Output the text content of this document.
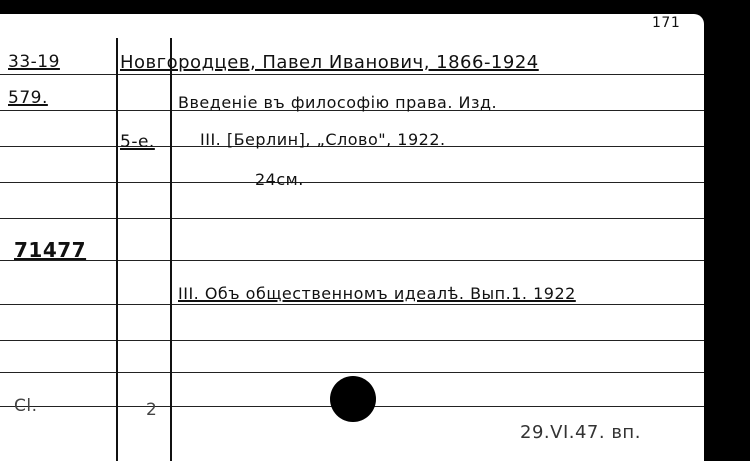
171
33-19
579.
Новгородцев, Павел Иванович, 1866-1924
Введеніе въ философію права. Изд.
5-е.	III. [Берлин], „Слово", 1922.
24см.
71477
III. Объ общественномъ идеалѣ. Вып.1. 1922
Cl.	2
29.VI.47. вп.
